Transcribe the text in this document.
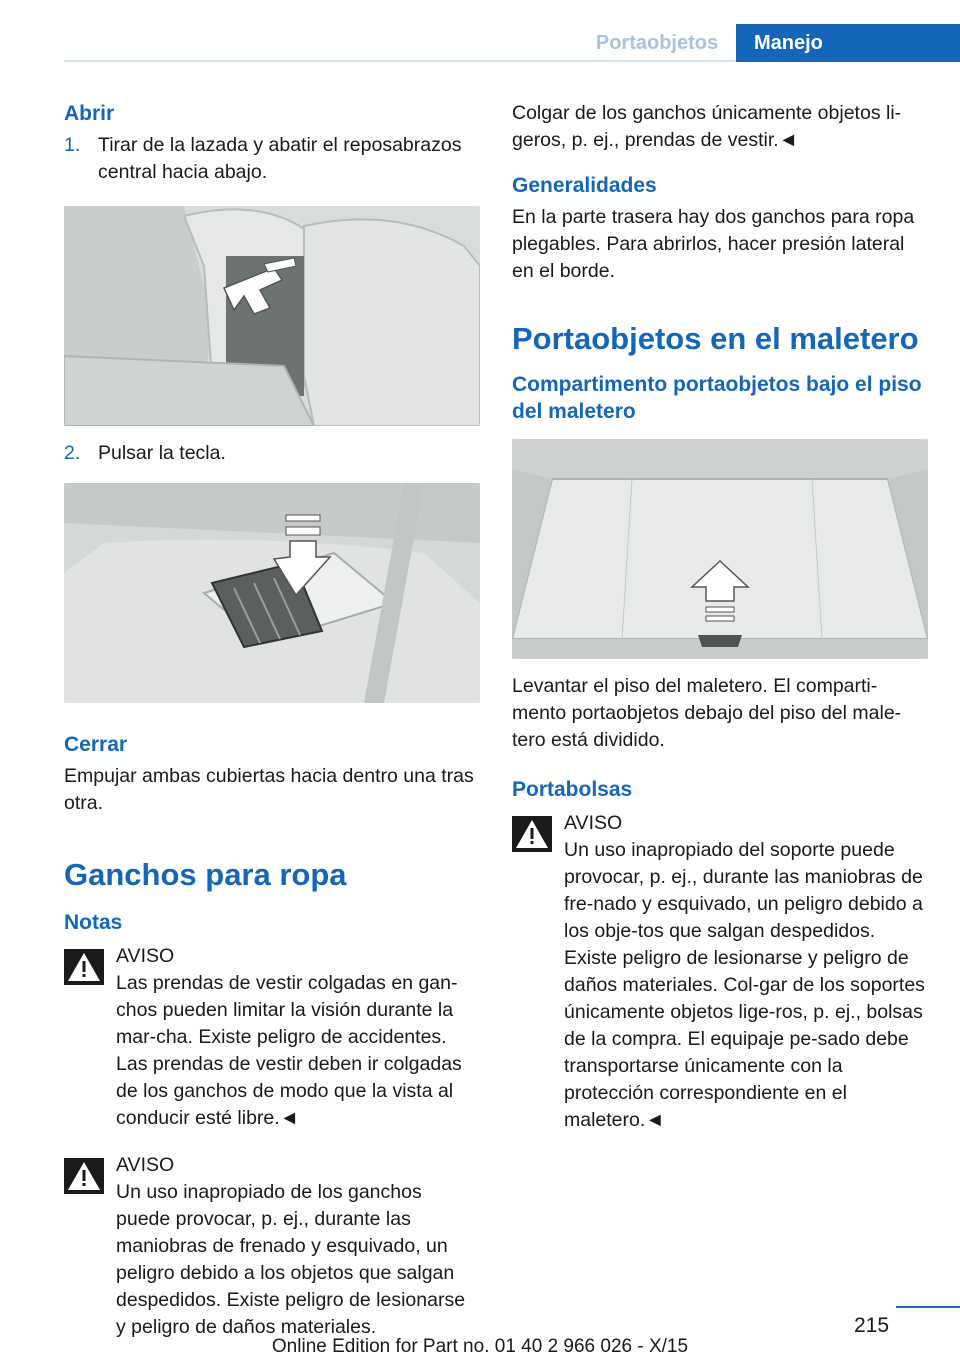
Portaobjetos	Manejo
Abrir
1. Tirar de la lazada y abatir el reposabrazos central hacia abajo.
2. Pulsar la tecla.
Cerrar

Empujar ambas cubiertas hacia dentro una tras otra.

Ganchos para ropa
Notas
AVISO

Las prendas de vestir colgadas en gan-chos pueden limitar la visión durante la mar-cha. Existe peligro de accidentes. Las prendas de vestir deben ir colgadas de los ganchos de modo que la vista al conducir esté libre.◄

AVISO

Un uso inapropiado de los ganchos puede provocar, p. ej., durante las maniobras de frenado y esquivado, un peligro debido a los objetos que salgan despedidos. Existe peligro de lesionarse y peligro de daños materiales.

Colgar de los ganchos únicamente objetos li-geros, p. ej., prendas de vestir.◄

Generalidades

En la parte trasera hay dos ganchos para ropa plegables. Para abrirlos, hacer presión lateral en el borde.

Portaobjetos en el maletero
Compartimento portaobjetos bajo el piso del maletero

Levantar el piso del maletero. El comparti-mento portaobjetos debajo del piso del male-tero está dividido.

Portabolsas
AVISO

Un uso inapropiado del soporte puede provocar, p. ej., durante las maniobras de fre-nado y esquivado, un peligro debido a los obje-tos que salgan despedidos. Existe peligro de lesionarse y peligro de daños materiales. Col-gar de los soportes únicamente objetos lige-ros, p. ej., bolsas de la compra. El equipaje pe-sado debe transportarse únicamente con la protección correspondiente en el maletero.◄

215
Online Edition for Part no. 01 40 2 966 026 - X/15
